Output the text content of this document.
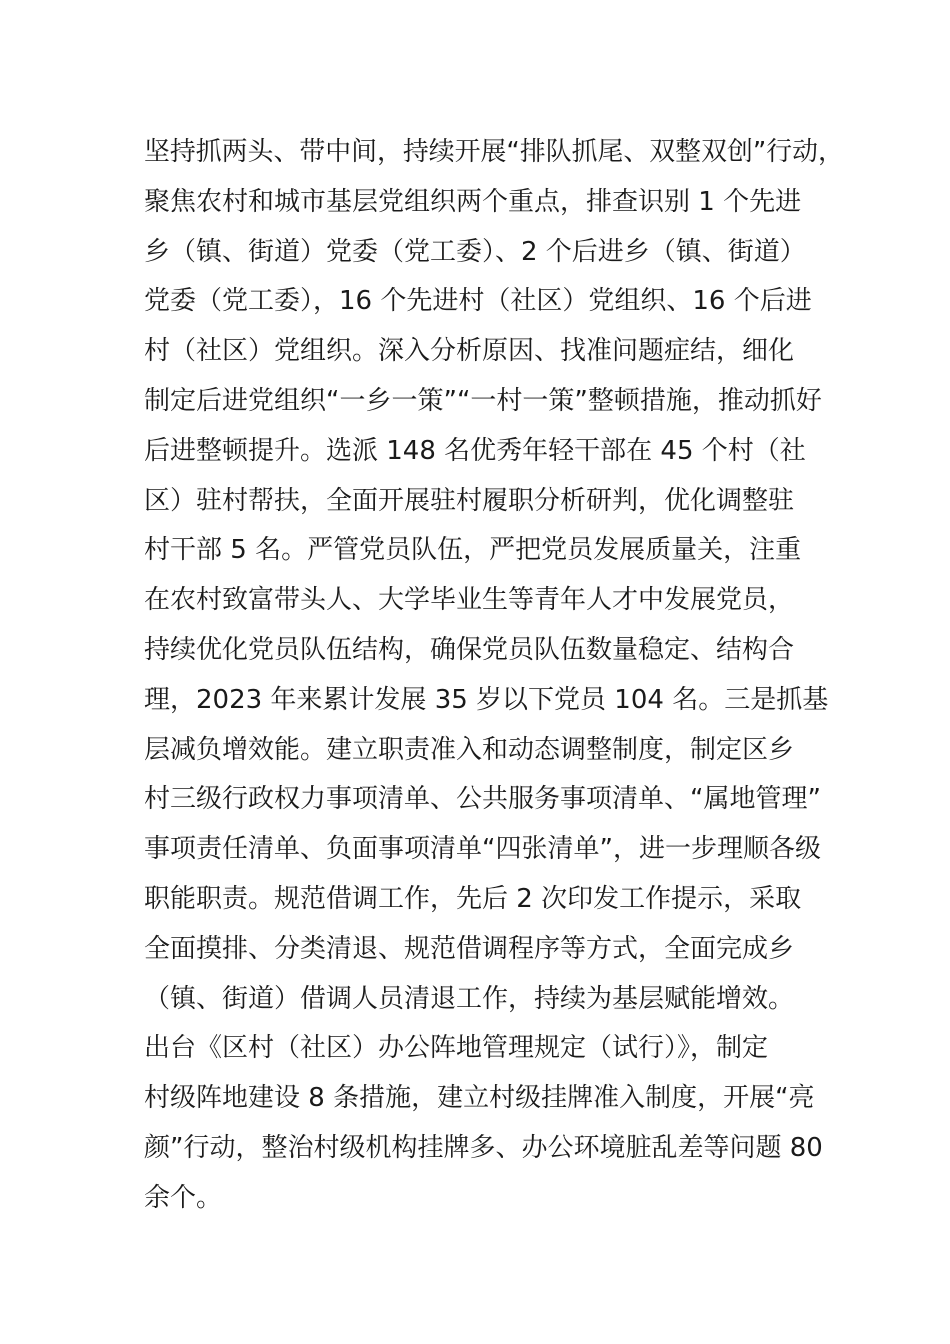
坚持抓两头、带中间，持续开展“排队抓尾、双整双创”行动，
聚焦农村和城市基层党组织两个重点，排查识别 1 个先进
乡（镇、街道）党委（党工委）、2 个后进乡（镇、街道）
党委（党工委），16 个先进村（社区）党组织、16 个后进
村（社区）党组织。深入分析原因、找准问题症结，细化
制定后进党组织“一乡一策”“一村一策”整顿措施，推动抓好
后进整顿提升。选派 148 名优秀年轻干部在 45 个村（社
区）驻村帮扶，全面开展驻村履职分析研判，优化调整驻
村干部 5 名。严管党员队伍，严把党员发展质量关，注重
在农村致富带头人、大学毕业生等青年人才中发展党员，
持续优化党员队伍结构，确保党员队伍数量稳定、结构合
理，2023 年来累计发展 35 岁以下党员 104 名。三是抓基
层减负增效能。建立职责准入和动态调整制度，制定区乡
村三级行政权力事项清单、公共服务事项清单、“属地管理”
事项责任清单、负面事项清单“四张清单”，进一步理顺各级
职能职责。规范借调工作，先后 2 次印发工作提示，采取
全面摸排、分类清退、规范借调程序等方式，全面完成乡
（镇、街道）借调人员清退工作，持续为基层赋能增效。
出台《区村（社区）办公阵地管理规定（试行）》，制定
村级阵地建设 8 条措施，建立村级挂牌准入制度，开展“亮
颜”行动，整治村级机构挂牌多、办公环境脏乱差等问题 80
余个。
